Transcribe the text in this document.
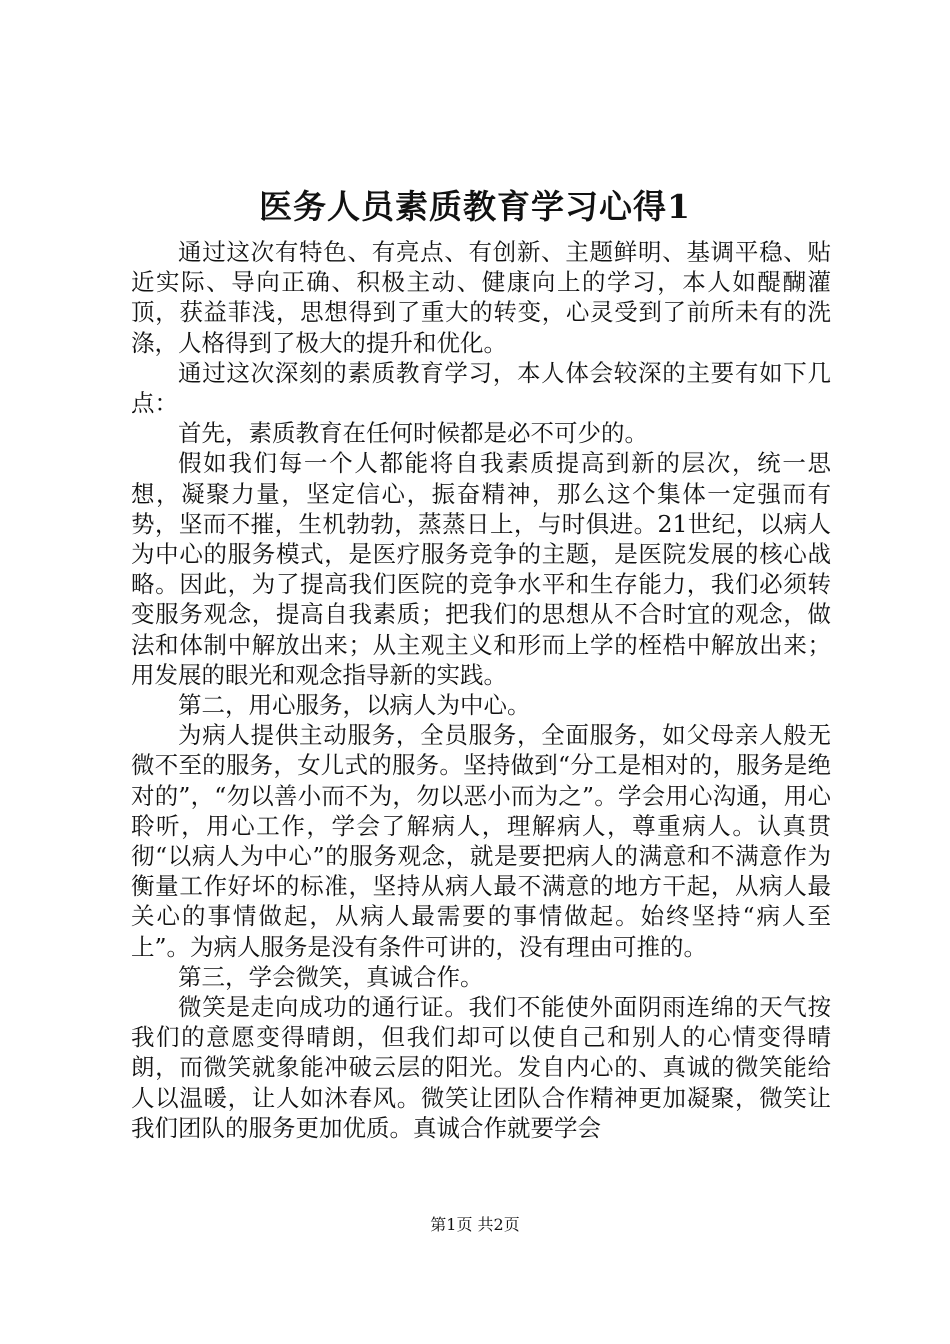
医务人员素质教育学习心得1

通过这次有特色、有亮点、有创新、主题鲜明、基调平稳、贴近实际、导向正确、积极主动、健康向上的学习，本人如醍醐灌顶，获益菲浅，思想得到了重大的转变，心灵受到了前所未有的洗涤，人格得到了极大的提升和优化。

通过这次深刻的素质教育学习，本人体会较深的主要有如下几点：

首先，素质教育在任何时候都是必不可少的。

假如我们每一个人都能将自我素质提高到新的层次，统一思想，凝聚力量，坚定信心，振奋精神，那么这个集体一定强而有势，坚而不摧，生机勃勃，蒸蒸日上，与时俱进。21世纪，以病人为中心的服务模式，是医疗服务竞争的主题，是医院发展的核心战略。因此，为了提高我们医院的竞争水平和生存能力，我们必须转变服务观念，提高自我素质；把我们的思想从不合时宜的观念，做法和体制中解放出来；从主观主义和形而上学的桎梏中解放出来；用发展的眼光和观念指导新的实践。

第二，用心服务，以病人为中心。

为病人提供主动服务，全员服务，全面服务，如父母亲人般无微不至的服务，女儿式的服务。坚持做到“分工是相对的，服务是绝对的”，“勿以善小而不为，勿以恶小而为之”。学会用心沟通，用心聆听，用心工作，学会了解病人，理解病人，尊重病人。认真贯彻“以病人为中心”的服务观念，就是要把病人的满意和不满意作为衡量工作好坏的标准，坚持从病人最不满意的地方干起，从病人最关心的事情做起，从病人最需要的事情做起。始终坚持“病人至上”。为病人服务是没有条件可讲的，没有理由可推的。

第三，学会微笑，真诚合作。

微笑是走向成功的通行证。我们不能使外面阴雨连绵的天气按我们的意愿变得晴朗，但我们却可以使自己和别人的心情变得晴朗，而微笑就象能冲破云层的阳光。发自内心的、真诚的微笑能给人以温暖，让人如沐春风。微笑让团队合作精神更加凝聚，微笑让我们团队的服务更加优质。真诚合作就要学会

第1页 共2页
